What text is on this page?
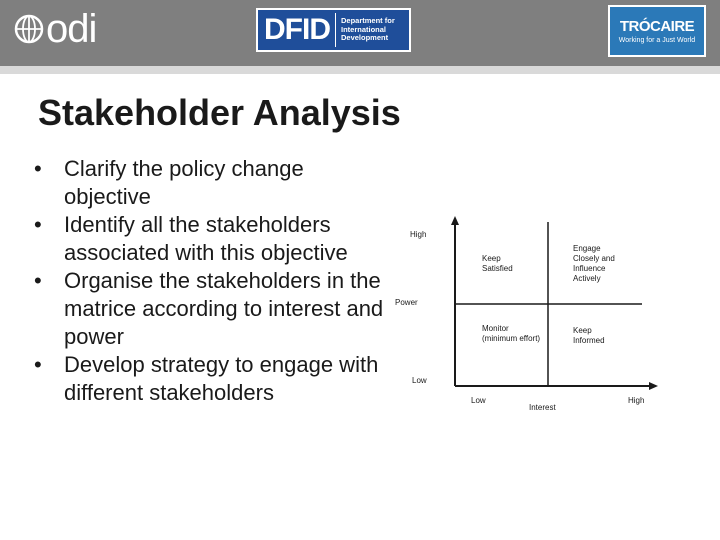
odi	DFID Department for
International
Development
TRÓCAIRE
Working for a Just World
Stakeholder Analysis
• Clarify the policy change objective
• Identify all the stakeholders associated with this objective
• Organise the stakeholders in the matrice according to interest and power
• Develop strategy to engage with different stakeholders
High
Power
Low
Low
Interest
High
Keep
Satisfied
Engage
Closely and
Influence
Actively
Monitor
(minimum effort)
Keep
Informed
